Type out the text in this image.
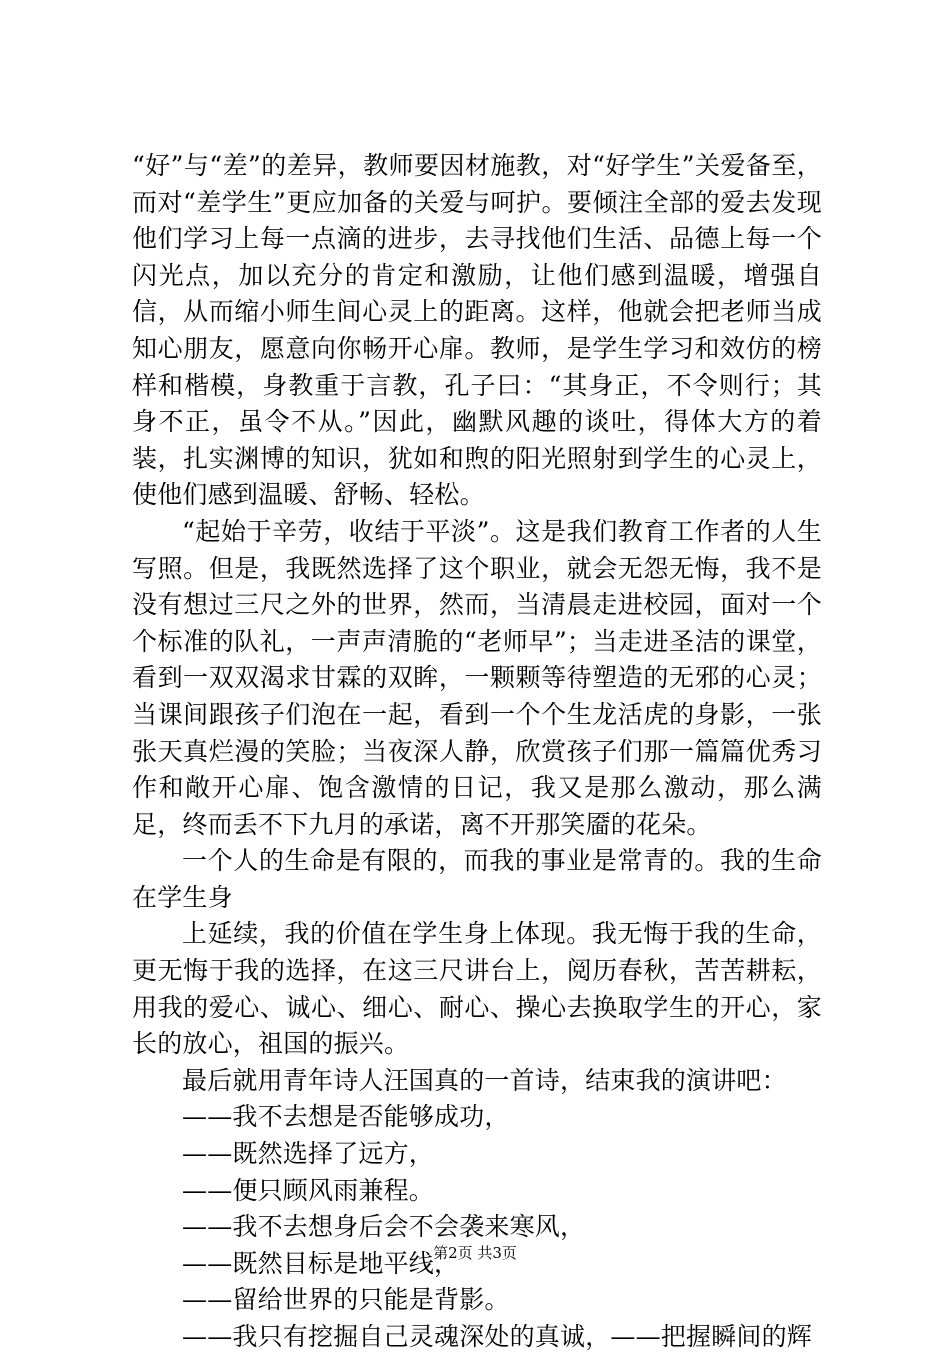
“好”与“差”的差异，教师要因材施教，对“好学生”关爱备至，而对“差学生”更应加备的关爱与呵护。要倾注全部的爱去发现他们学习上每一点滴的进步，去寻找他们生活、品德上每一个闪光点，加以充分的肯定和激励，让他们感到温暖，增强自信，从而缩小师生间心灵上的距离。这样，他就会把老师当成知心朋友，愿意向你畅开心扉。教师，是学生学习和效仿的榜样和楷模，身教重于言教，孔子曰：“其身正，不令则行；其身不正，虽令不从。”因此，幽默风趣的谈吐，得体大方的着装，扎实渊博的知识，犹如和煦的阳光照射到学生的心灵上，使他们感到温暖、舒畅、轻松。

“起始于辛劳，收结于平淡”。这是我们教育工作者的人生写照。但是，我既然选择了这个职业，就会无怨无悔，我不是没有想过三尺之外的世界，然而，当清晨走进校园，面对一个个标准的队礼，一声声清脆的“老师早”；当走进圣洁的课堂，看到一双双渴求甘霖的双眸，一颗颗等待塑造的无邪的心灵；当课间跟孩子们泡在一起，看到一个个生龙活虎的身影，一张张天真烂漫的笑脸；当夜深人静，欣赏孩子们那一篇篇优秀习作和敞开心扉、饱含激情的日记，我又是那么激动，那么满足，终而丢不下九月的承诺，离不开那笑靥的花朵。

一个人的生命是有限的，而我的事业是常青的。我的生命在学生身

上延续，我的价值在学生身上体现。我无悔于我的生命，更无悔于我的选择，在这三尺讲台上，阅历春秋，苦苦耕耘，用我的爱心、诚心、细心、耐心、操心去换取学生的开心，家长的放心，祖国的振兴。

最后就用青年诗人汪国真的一首诗，结束我的演讲吧：

——我不去想是否能够成功，

——既然选择了远方，

——便只顾风雨兼程。

——我不去想身后会不会袭来寒风，

——既然目标是地平线，

——留给世界的只能是背影。

——我只有挖掘自己灵魂深处的真诚，——把握瞬间的辉

第2页 共3页
